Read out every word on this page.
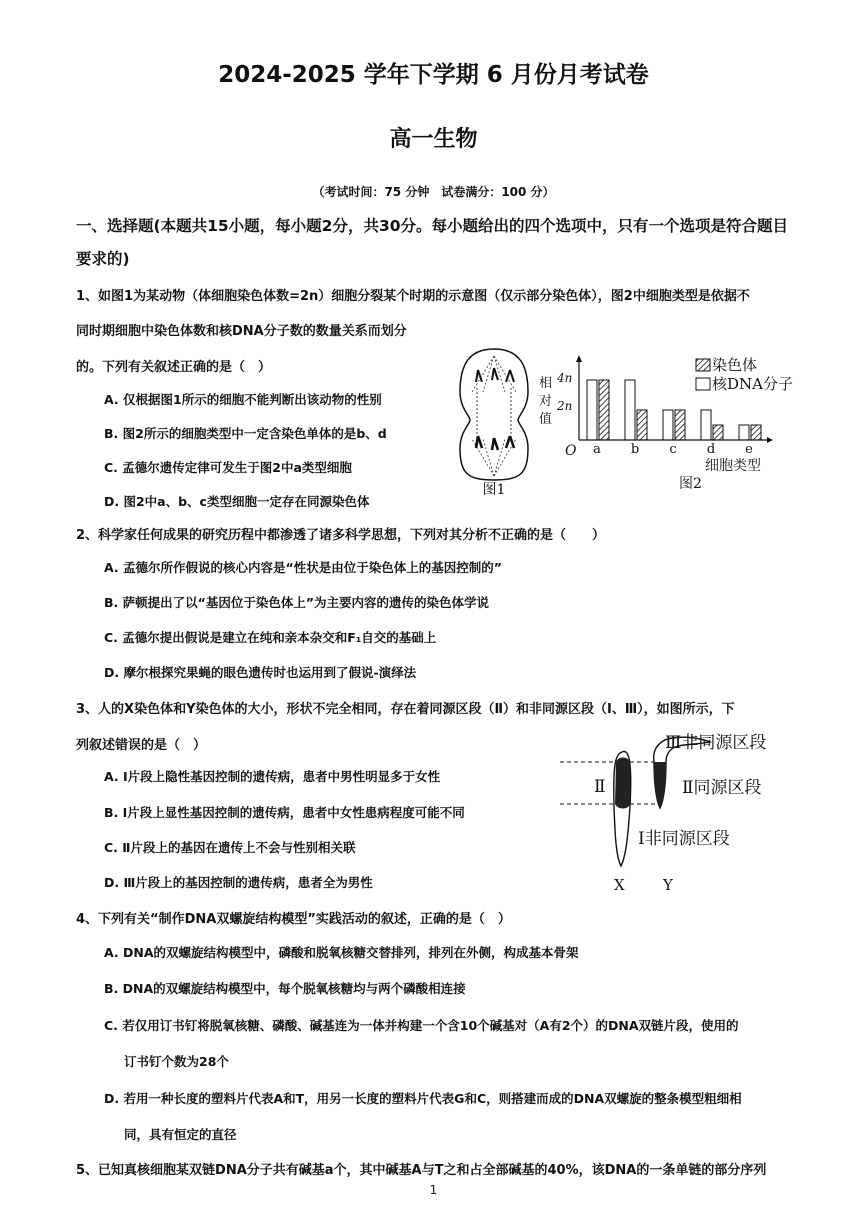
2024-2025 学年下学期 6 月份月考试卷
高一生物
（考试时间：75 分钟　试卷满分：100 分）
一、选择题(本题共15小题，每小题2分，共30分。每小题给出的四个选项中，只有一个选项是符合题目
要求的)
1、如图1为某动物（体细胞染色体数=2n）细胞分裂某个时期的示意图（仅示部分染色体），图2中细胞类型是依据不
同时期细胞中染色体数和核DNA分子数的数量关系而划分
的。下列有关叙述正确的是（　）
A. 仅根据图1所示的细胞不能判断出该动物的性别
B. 图2所示的细胞类型中一定含染色单体的是b、d
C. 孟德尔遗传定律可发生于图2中a类型细胞
D. 图2中a、b、c类型细胞一定存在同源染色体
图1
染色体
核DNA分子
相
对
值
4n
2n
O a b c d e
细胞类型
图2
2、科学家任何成果的研究历程中都渗透了诸多科学思想，下列对其分析不正确的是（　　）
A. 孟德尔所作假说的核心内容是“性状是由位于染色体上的基因控制的”
B. 萨顿提出了以“基因位于染色体上”为主要内容的遗传的染色体学说
C. 孟德尔提出假说是建立在纯和亲本杂交和F₁自交的基础上
D. 摩尔根探究果蝇的眼色遗传时也运用到了假说-演绎法
3、人的X染色体和Y染色体的大小，形状不完全相同，存在着同源区段（Ⅱ）和非同源区段（Ⅰ、Ⅲ），如图所示，下
列叙述错误的是（　）
A. Ⅰ片段上隐性基因控制的遗传病，患者中男性明显多于女性
B. Ⅰ片段上显性基因控制的遗传病，患者中女性患病程度可能不同
C. Ⅱ片段上的基因在遗传上不会与性别相关联
D. Ⅲ片段上的基因控制的遗传病，患者全为男性
Ⅲ非同源区段
Ⅱ	Ⅱ同源区段
Ⅰ非同源区段
X	Y
4、下列有关“制作DNA双螺旋结构模型”实践活动的叙述，正确的是（　）
A. DNA的双螺旋结构模型中，磷酸和脱氧核糖交替排列，排列在外侧，构成基本骨架
B. DNA的双螺旋结构模型中，每个脱氧核糖均与两个磷酸相连接
C. 若仅用订书钉将脱氧核糖、磷酸、碱基连为一体并构建一个含10个碱基对（A有2个）的DNA双链片段，使用的
订书钉个数为28个
D. 若用一种长度的塑料片代表A和T，用另一长度的塑料片代表G和C，则搭建而成的DNA双螺旋的整条模型粗细相
同，具有恒定的直径
5、已知真核细胞某双链DNA分子共有碱基a个，其中碱基A与T之和占全部碱基的40%，该DNA的一条单链的部分序列
1
